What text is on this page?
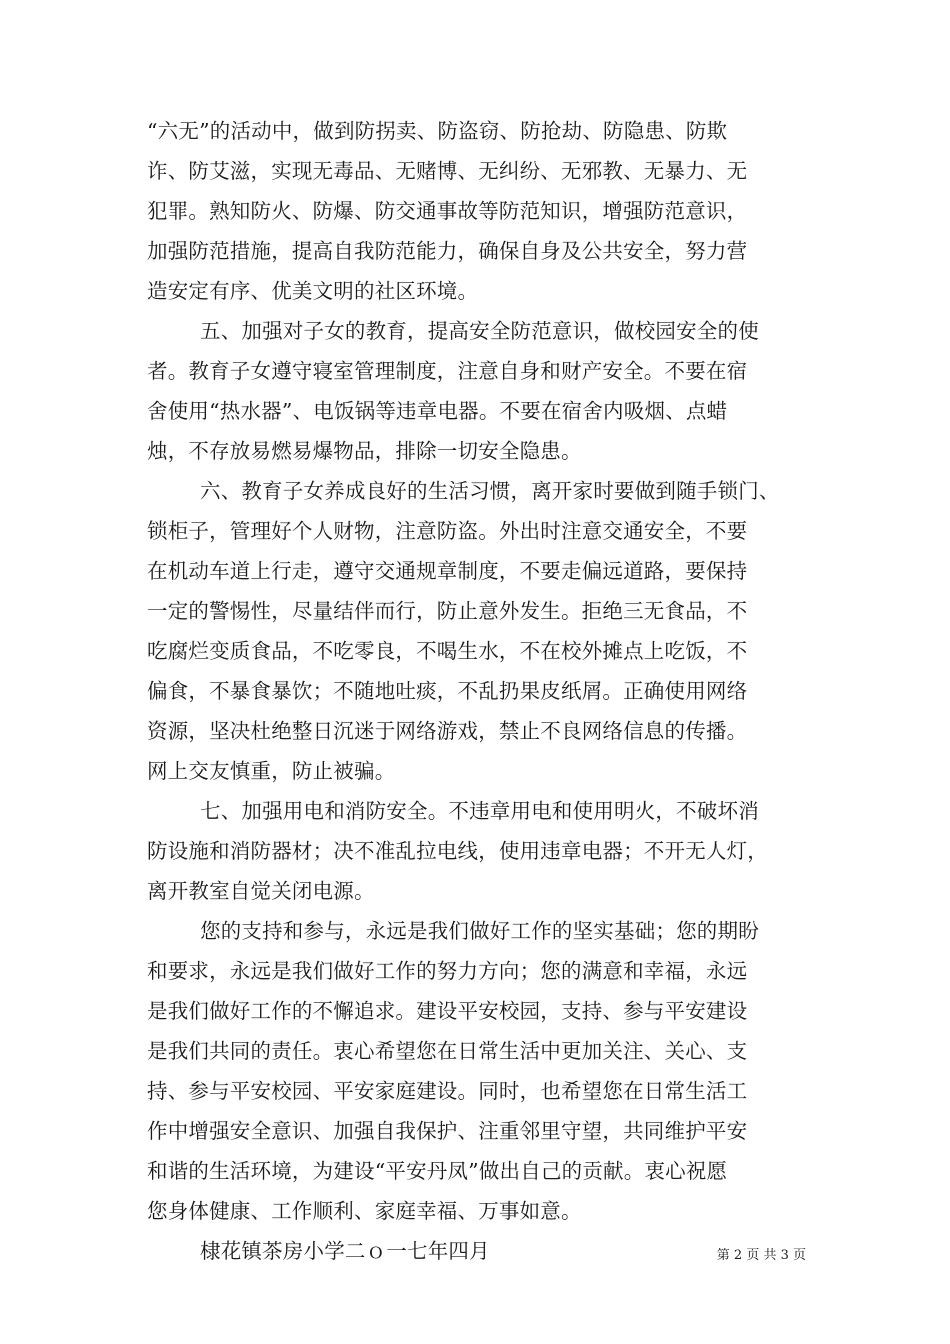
“六无”的活动中，做到防拐卖、防盗窃、防抢劫、防隐患、防欺
诈、防艾滋，实现无毒品、无赌博、无纠纷、无邪教、无暴力、无
犯罪。熟知防火、防爆、防交通事故等防范知识，增强防范意识，
加强防范措施，提高自我防范能力，确保自身及公共安全，努力营
造安定有序、优美文明的社区环境。
五、加强对子女的教育，提高安全防范意识，做校园安全的使
者。教育子女遵守寝室管理制度，注意自身和财产安全。不要在宿
舍使用“热水器”、电饭锅等违章电器。不要在宿舍内吸烟、点蜡
烛，不存放易燃易爆物品，排除一切安全隐患。
六、教育子女养成良好的生活习惯，离开家时要做到随手锁门、
锁柜子，管理好个人财物，注意防盗。外出时注意交通安全，不要
在机动车道上行走，遵守交通规章制度，不要走偏远道路，要保持
一定的警惕性，尽量结伴而行，防止意外发生。拒绝三无食品，不
吃腐烂变质食品，不吃零良，不喝生水，不在校外摊点上吃饭，不
偏食，不暴食暴饮；不随地吐痰，不乱扔果皮纸屑。正确使用网络
资源，坚决杜绝整日沉迷于网络游戏，禁止不良网络信息的传播。
网上交友慎重，防止被骗。
七、加强用电和消防安全。不违章用电和使用明火，不破坏消
防设施和消防器材；决不准乱拉电线，使用违章电器；不开无人灯，
离开教室自觉关闭电源。
您的支持和参与，永远是我们做好工作的坚实基础；您的期盼
和要求，永远是我们做好工作的努力方向；您的满意和幸福，永远
是我们做好工作的不懈追求。建设平安校园，支持、参与平安建设
是我们共同的责任。衷心希望您在日常生活中更加关注、关心、支
持、参与平安校园、平安家庭建设。同时，也希望您在日常生活工
作中增强安全意识、加强自我保护、注重邻里守望，共同维护平安
和谐的生活环境，为建设“平安丹凤”做出自己的贡献。衷心祝愿
您身体健康、工作顺利、家庭幸福、万事如意。
棣花镇茶房小学二ｏ一七年四月	第 2 页 共 3 页
